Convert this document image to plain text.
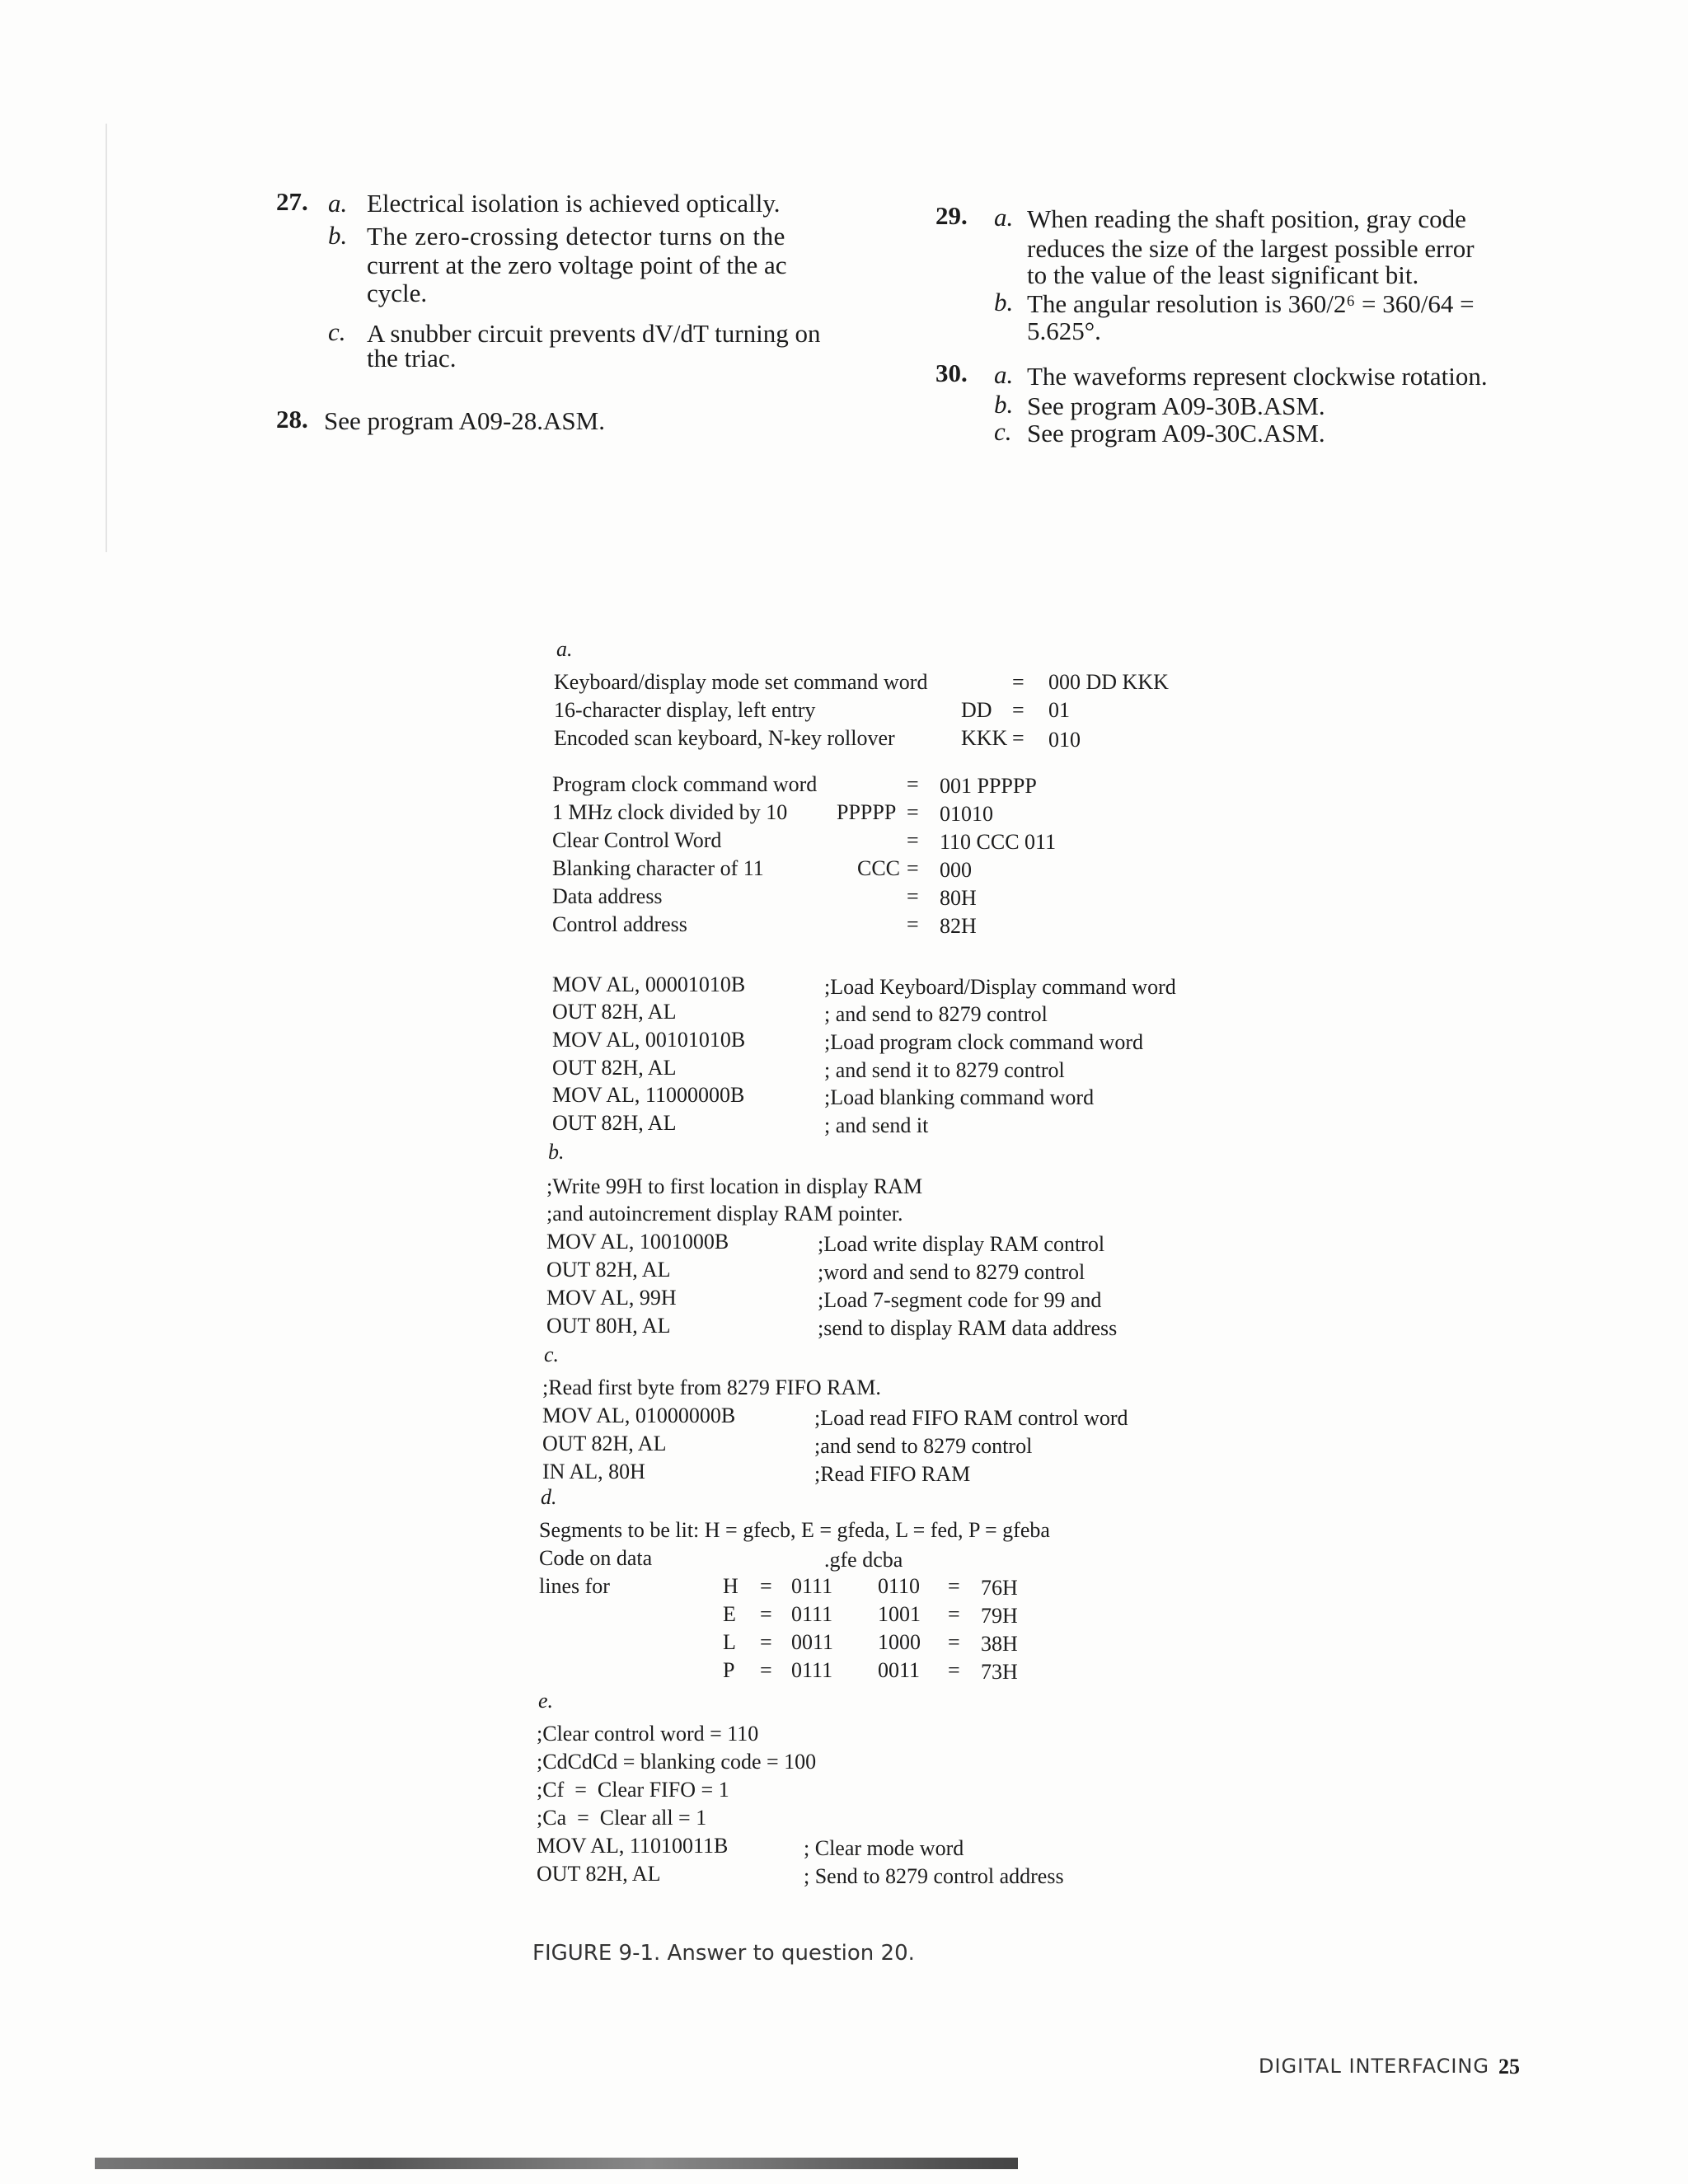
27. a. Electrical isolation is achieved optically.
b. The zero-crossing detector turns on the
current at the zero voltage point of the ac
cycle.
c. A snubber circuit prevents dV/dT turning on
the triac.
28. See program A09-28.ASM.
29. a. When reading the shaft position, gray code
reduces the size of the largest possible error
to the value of the least significant bit.
b. The angular resolution is 360/2⁶ = 360/64 =
5.625°.
30. a. The waveforms represent clockwise rotation.
b. See program A09-30B.ASM.
c. See program A09-30C.ASM.
a.
Keyboard/display mode set command word	= 000 DD KKK
16-character display, left entry	DD = 01
Encoded scan keyboard, N-key rollover	KKK = 010
Program clock command word	= 001 PPPPP
1 MHz clock divided by 10 PPPPP = 01010
Clear Control Word	= 110 CCC 011
Blanking character of 11	CCC = 000
Data address	= 80H
Control address	= 82H
MOV AL, 00001010B	;Load Keyboard/Display command word
OUT 82H, AL	; and send to 8279 control
MOV AL, 00101010B	;Load program clock command word
OUT 82H, AL	; and send it to 8279 control
MOV AL, 11000000B	;Load blanking command word
OUT 82H, AL	; and send it
b.
;Write 99H to first location in display RAM
;and autoincrement display RAM pointer.
MOV AL, 1001000B	;Load write display RAM control
OUT 82H, AL	;word and send to 8279 control
MOV AL, 99H	;Load 7-segment code for 99 and
OUT 80H, AL	;send to display RAM data address
c.
;Read first byte from 8279 FIFO RAM.
MOV AL, 01000000B	;Load read FIFO RAM control word
OUT 82H, AL	;and send to 8279 control
IN AL, 80H	;Read FIFO RAM
d.
Segments to be lit: H = gfecb, E = gfeda, L = fed, P = gfeba
Code on data	.gfe dcba
lines for	H = 0111 0110 = 76H
E = 0111 1001 = 79H
L = 0011 1000 = 38H
P = 0111 0011 = 73H
e.
;Clear control word = 110
;CdCdCd = blanking code = 100
;Cf  =  Clear FIFO = 1
;Ca  =  Clear all = 1
MOV AL, 11010011B	; Clear mode word
OUT 82H, AL	; Send to 8279 control address
FIGURE 9-1. Answer to question 20.
DIGITAL INTERFACING 25
